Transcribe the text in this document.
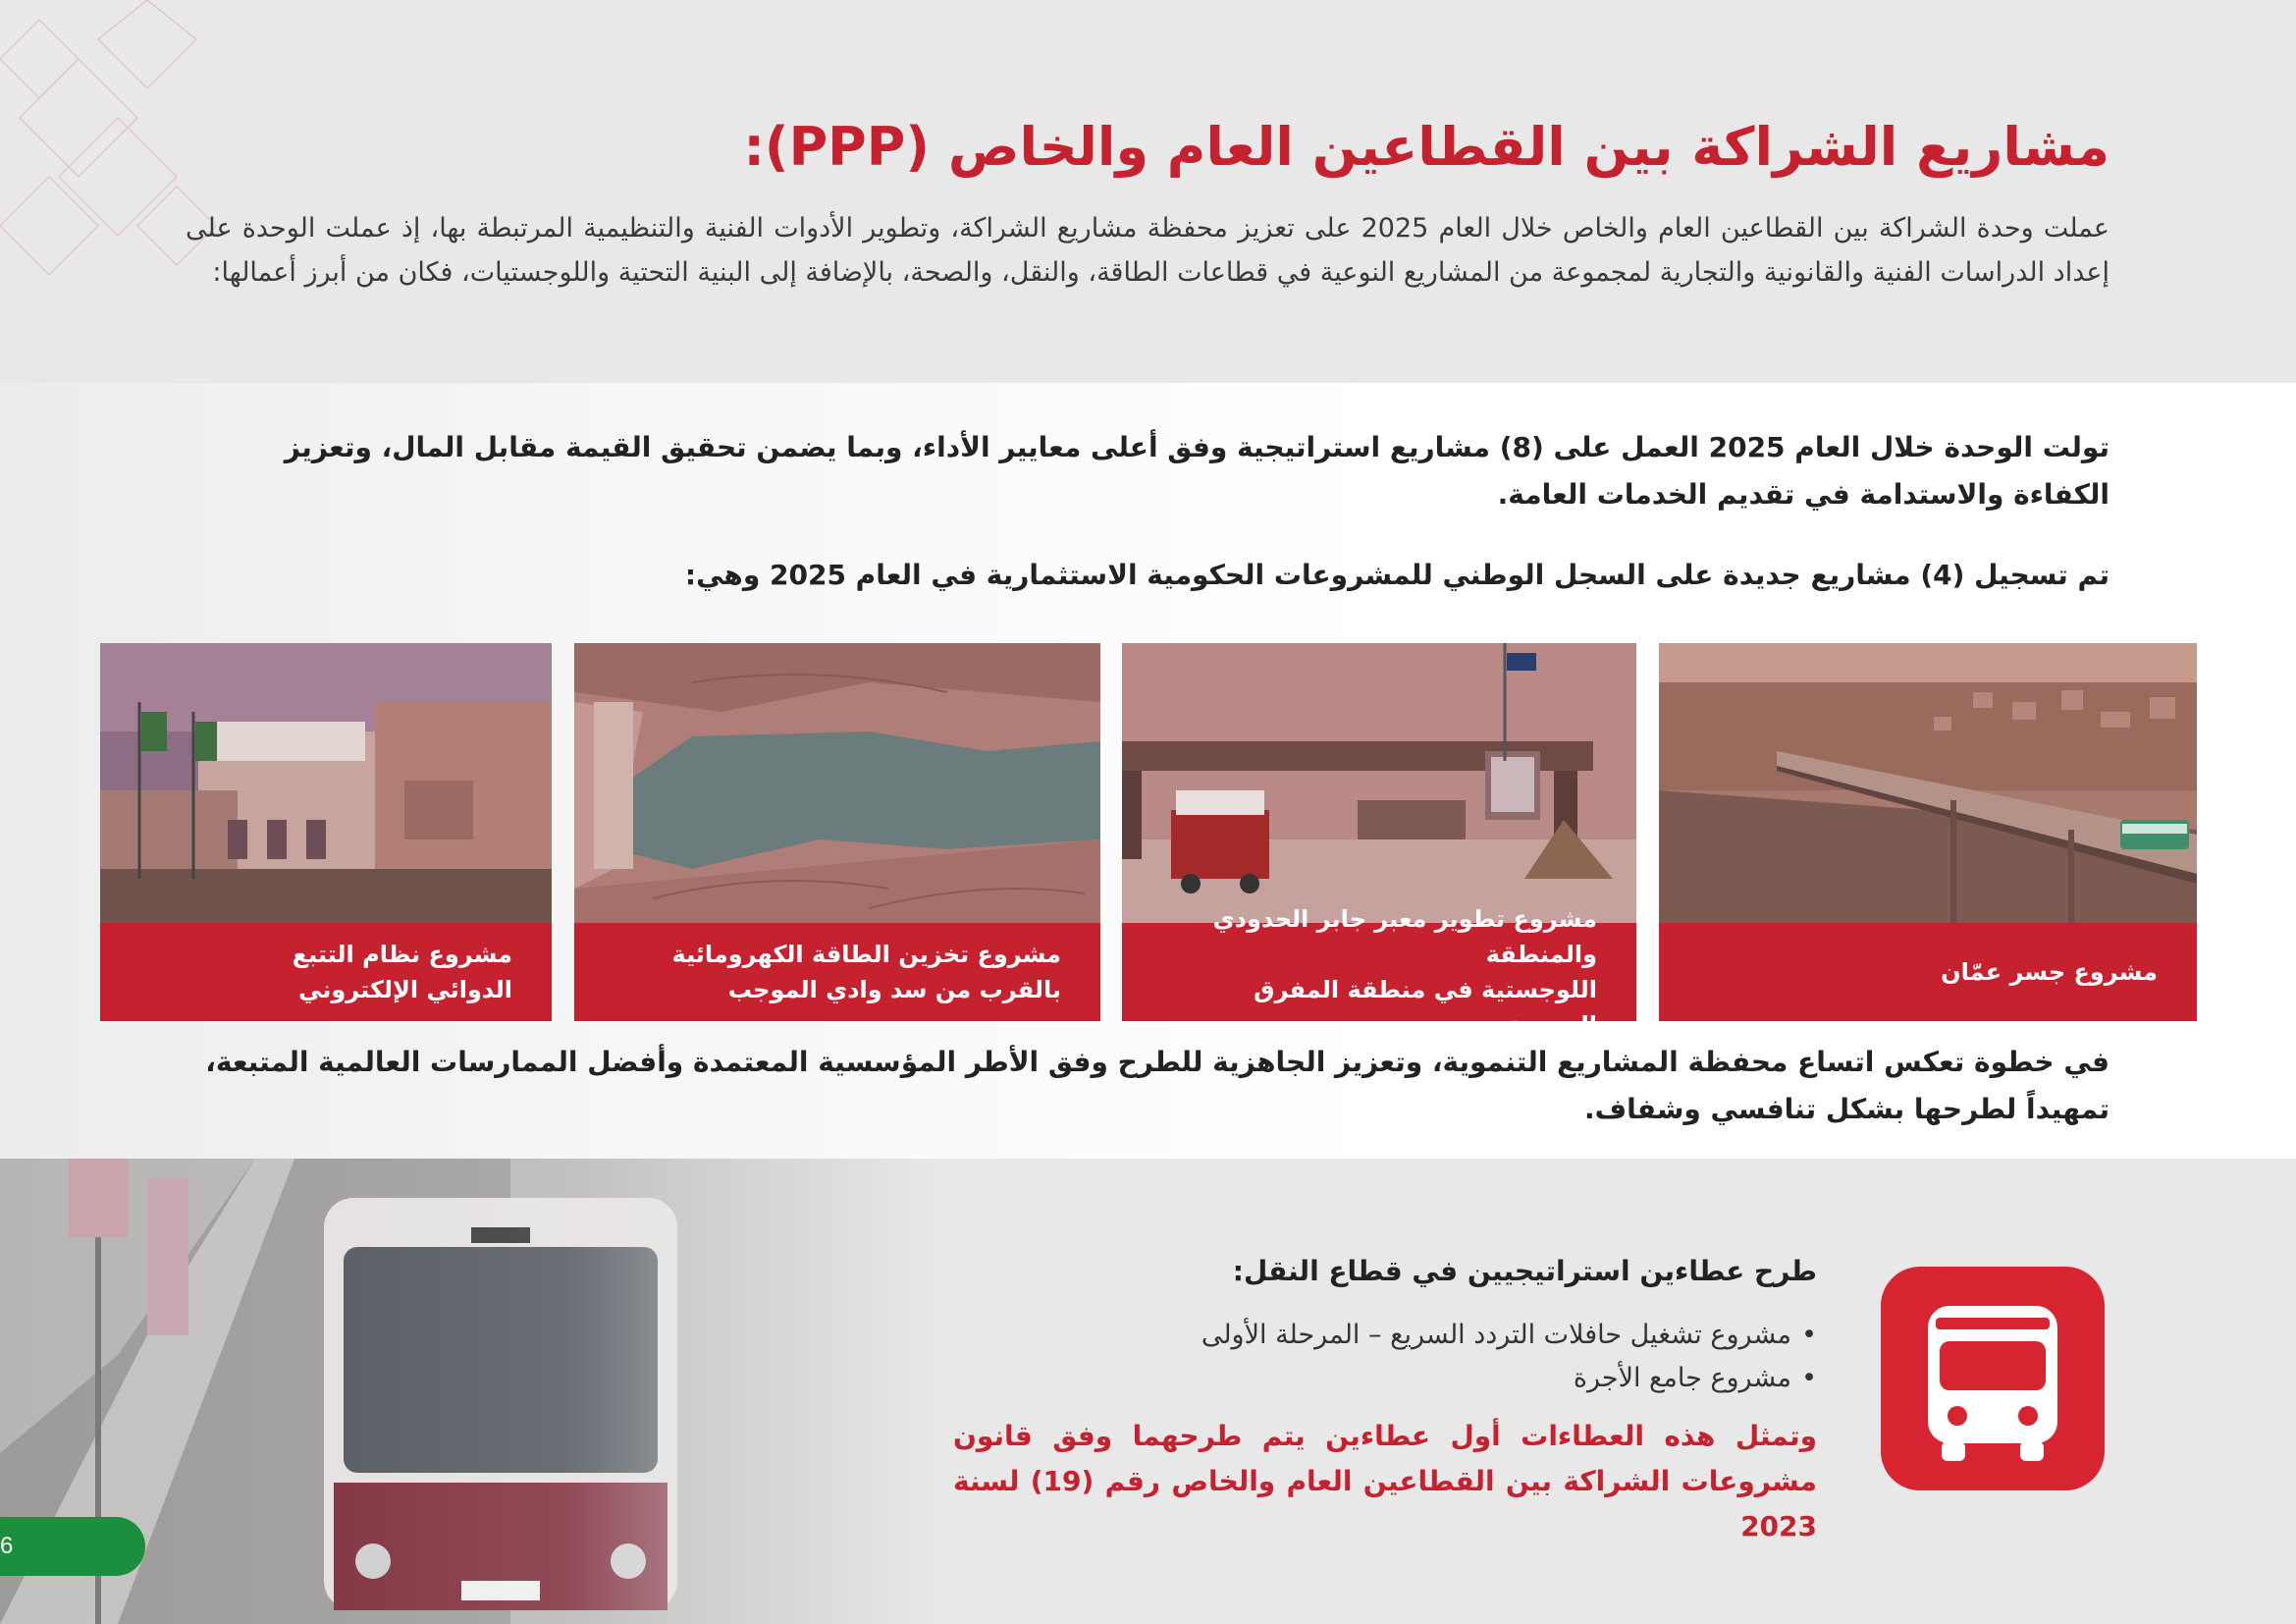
مشاريع الشراكة بين القطاعين العام والخاص (PPP):

عملت وحدة الشراكة بين القطاعين العام والخاص خلال العام 2025 على تعزيز محفظة مشاريع الشراكة، وتطوير الأدوات الفنية والتنظيمية المرتبطة بها، إذ عملت الوحدة على إعداد الدراسات الفنية والقانونية والتجارية لمجموعة من المشاريع النوعية في قطاعات الطاقة، والنقل، والصحة، بالإضافة إلى البنية التحتية واللوجستيات، فكان من أبرز أعمالها:

تولت الوحدة خلال العام 2025 العمل على (8) مشاريع استراتيجية وفق أعلى معايير الأداء، وبما يضمن تحقيق القيمة مقابل المال، وتعزيز الكفاءة والاستدامة في تقديم الخدمات العامة.

تم تسجيل (4) مشاريع جديدة على السجل الوطني للمشروعات الحكومية الاستثمارية في العام 2025 وهي:

مشروع جسر عمّان
مشروع تطوير معبر جابر الحدودي والمنطقة
اللوجستية في منطقة المفرق التنموية
مشروع تخزين الطاقة الكهرومائية
بالقرب من سد وادي الموجب
مشروع نظام التتبع
الدوائي الإلكتروني

في خطوة تعكس اتساع محفظة المشاريع التنموية، وتعزيز الجاهزية للطرح وفق الأطر المؤسسية المعتمدة وأفضل الممارسات العالمية المتبعة، تمهيداً لطرحها بشكل تنافسي وشفاف.

طرح عطاءين استراتيجيين في قطاع النقل:
• مشروع تشغيل حافلات التردد السريع – المرحلة الأولى
• مشروع جامع الأجرة

وتمثل هذه العطاءات أول عطاءين يتم طرحهما وفق قانون مشروعات الشراكة بين القطاعين العام والخاص رقم (19) لسنة 2023

6
